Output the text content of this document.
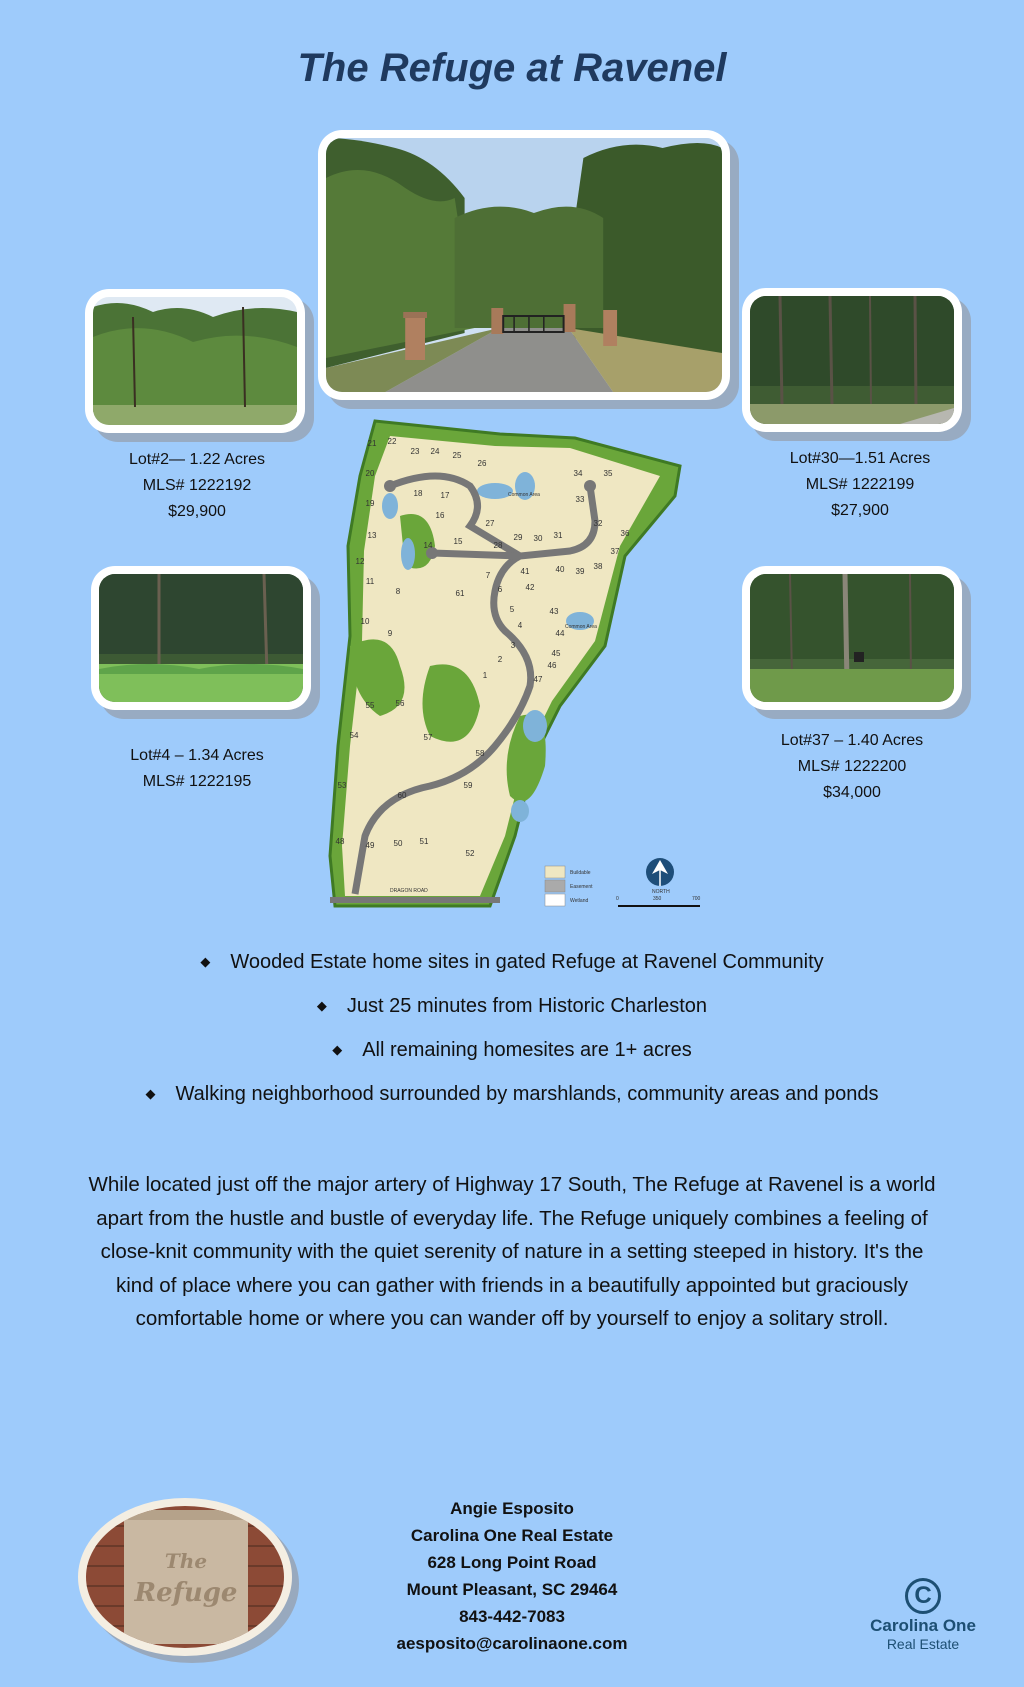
The Refuge at Ravenel
Lot#2— 1.22 Acres
MLS# 1222192
$29,900
Lot#30—1.51 Acres
MLS# 1222199
$27,900
Lot#4 – 1.34 Acres
MLS# 1222195
Lot#37 – 1.40 Acres
MLS# 1222200
$34,000
DRAGON ROAD
Common Area
Common Area
21 22
23 24 25
26
20
18 17
16
19
15
14
13
12
27
28
29 30 31
34	35
33
32
36
37
38
39
40
41
42
7
6
5
4
3
2
1
61
11
8
10
9
43
44
45
46
47
55	56
54	57
58
53
60
59
48	49 50 51
52
Buildable
Easement
Wetland
NORTH
0	350	700
◆ Wooded Estate home sites in gated Refuge at Ravenel Community
◆ Just 25 minutes from Historic Charleston
◆ All remaining homesites are 1+ acres
◆ Walking neighborhood surrounded by marshlands, community areas and ponds

While located just off the major artery of Highway 17 South, The Refuge at Ravenel is a world apart from the hustle and bustle of everyday life. The Refuge uniquely combines a feeling of close-knit community with the quiet serenity of nature in a setting steeped in history. It's the kind of place where you can gather with friends in a beautifully appointed but graciously comfortable home or where you can wander off by yourself to enjoy a solitary stroll.

The
Refuge
Angie Esposito
Carolina One Real Estate
628 Long Point Road
Mount Pleasant, SC 29464
843-442-7083
aesposito@carolinaone.com
C
Carolina One
Real Estate
